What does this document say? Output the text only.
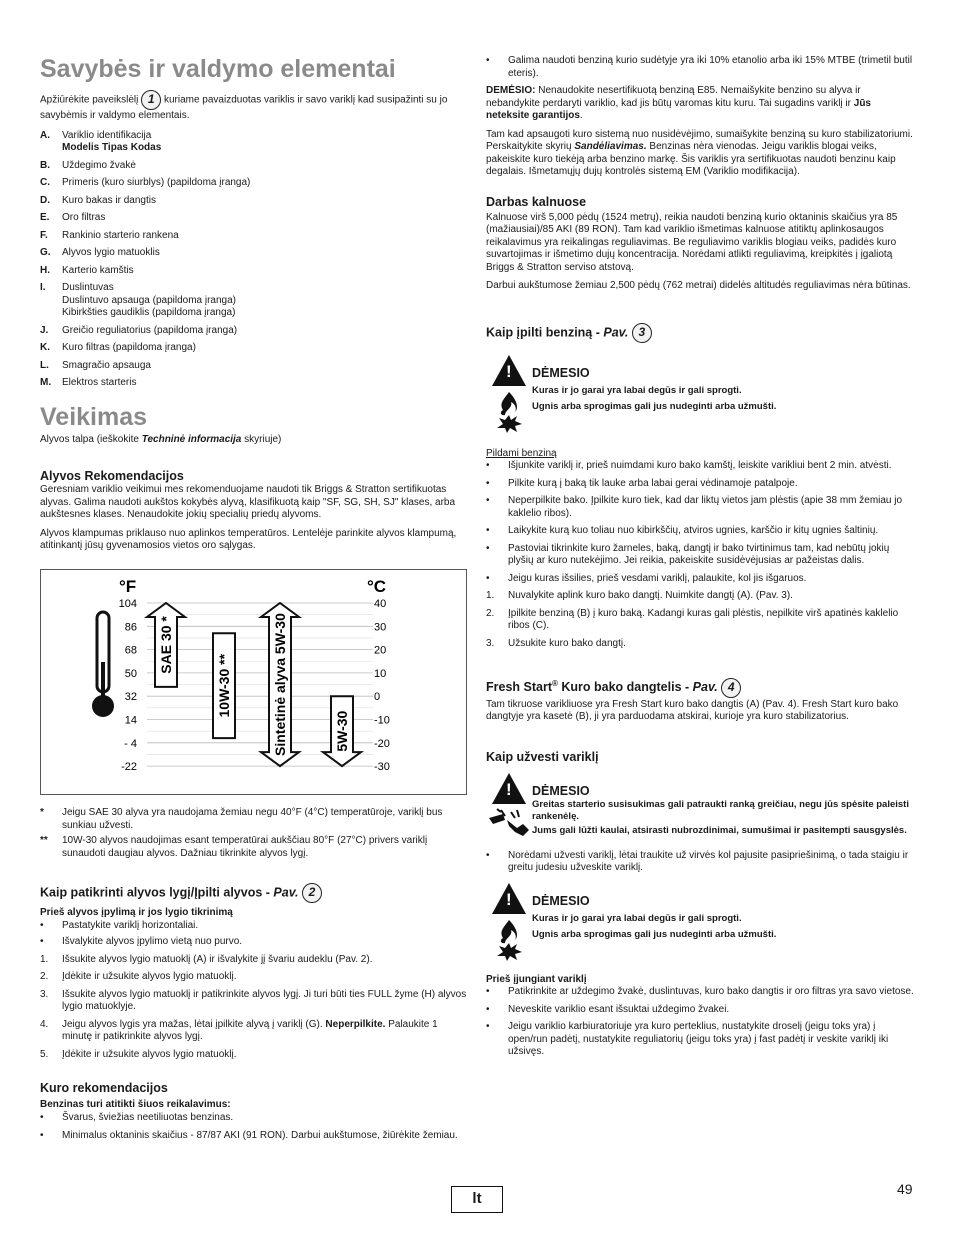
Savybės ir valdymo elementai

Apžiūrėkite paveikslėlį 1 kuriame pavaizduotas variklis ir savo variklį kad susipažinti su jo savybėmis ir valdymo elementais.

A.	Variklio identifikacija
Modelis Tipas Kodas
B.	Uždegimo žvakė
C.	Primeris (kuro siurblys) (papildoma įranga)
D.	Kuro bakas ir dangtis
E.	Oro filtras
F.	Rankinio starterio rankena
G.	Alyvos lygio matuoklis
H.	Karterio kamštis
I.	Duslintuvas
Duslintuvo apsauga (papildoma įranga)
Kibirkšties gaudiklis (papildoma įranga)
J.	Greičio reguliatorius (papildoma įranga)
K.	Kuro filtras (papildoma įranga)
L.	Smagračio apsauga
M.	Elektros starteris
Veikimas

Alyvos talpa (ieškokite Techninė informacija skyriuje)

Alyvos Rekomendacijos

Geresniam variklio veikimui mes rekomenduojame naudoti tik Briggs & Stratton sertifikuotas alyvas. Galima naudoti aukštos kokybės alyvą, klasifikuotą kaip "SF, SG, SH, SJ" klases, arba aukštesnes klases. Nenaudokite jokių specialių priedų alyvoms.

Alyvos klampumas priklauso nuo aplinkos temperatūros. Lentelėje parinkite alyvos klampumą, atitinkantį jūsų gyvenamosios vietos oro sąlygas.

°F	°C
104
86
68
50
32
14
- 4
-22
40
30
20
10
0
-10
-20
-30
SAE 30 *
10W-30 **	Sintetinė alyva 5W-30	5W-30
*	Jeigu SAE 30 alyva yra naudojama žemiau negu 40°F (4°C) temperatūroje, variklį bus sunkiau užvesti.
**	10W-30 alyvos naudojimas esant temperatūrai aukščiau 80°F (27°C) privers variklį sunaudoti daugiau alyvos. Dažniau tikrinkite alyvos lygį.
Kaip patikrinti alyvos lygį/Įpilti alyvos - Pav. 2
Prieš alyvos įpylimą ir jos lygio tikrinimą
•	Pastatykite variklį horizontaliai.
•	Išvalykite alyvos įpylimo vietą nuo purvo.
1.	Išsukite alyvos lygio matuoklį (A) ir išvalykite jį švariu audeklu (Pav. 2).
2.	Įdėkite ir užsukite alyvos lygio matuoklį.
3.	Išsukite alyvos lygio matuoklį ir patikrinkite alyvos lygį. Ji turi būti ties FULL žyme (H) alyvos lygio matuoklyje.
4.	Jeigu alyvos lygis yra mažas, lėtai įpilkite alyvą į variklį (G). Neperpilkite. Palaukite 1 minutę ir patikrinkite alyvos lygį.
5.	Įdėkite ir užsukite alyvos lygio matuoklį.
Kuro rekomendacijos
Benzinas turi atitikti šiuos reikalavimus:
•	Švarus, šviežias neetiliuotas benzinas.
•	Minimalus oktaninis skaičius - 87/87 AKI (91 RON). Darbui aukštumose, žiūrėkite žemiau.
•	Galima naudoti benziną kurio sudėtyje yra iki 10% etanolio arba iki 15% MTBE (trimetil butil eteris).

DEMĖSIO: Nenaudokite nesertifikuotą benziną E85. Nemaišykite benzino su alyva ir nebandykite perdaryti variklio, kad jis būtų varomas kitu kuru. Tai sugadins variklį ir Jūs neteksite garantijos.

Tam kad apsaugoti kuro sistemą nuo nusidėvėjimo, sumaišykite benziną su kuro stabilizatoriumi. Perskaitykite skyrių Sandėliavimas. Benzinas nėra vienodas. Jeigu variklis blogai veiks, pakeiskite kuro tiekėją arba benzino markę. Šis variklis yra sertifikuotas naudoti benzinu kaip degalais. Išmetamųjų dujų kontrolės sistemą EM (Variklio modifikacija).

Darbas kalnuose

Kalnuose virš 5,000 pėdų (1524 metrų), reikia naudoti benziną kurio oktaninis skaičius yra 85 (mažiausiai)/85 AKI (89 RON). Tam kad variklio išmetimas kalnuose atitiktų aplinkosaugos reikalavimus yra reikalingas reguliavimas. Be reguliavimo variklis blogiau veiks, padidės kuro suvartojimas ir išmetimo dujų koncentracija. Norėdami atlikti reguliavimą, kreipkitės į įgaliotą Briggs & Stratton serviso atstovą.

Darbui aukštumose žemiau 2,500 pėdų (762 metrai) didelės altitudės reguliavimas nėra būtinas.

Kaip įpilti benziną - Pav. 3
! DĖMESIO
Kuras ir jo garai yra labai degūs ir gali sprogti.
Ugnis arba sprogimas gali jus nudeginti arba užmušti.
Pildami benziną
•	Išjunkite variklį ir, prieš nuimdami kuro bako kamštį, leiskite varikliui bent 2 min. atvėsti.
•	Pilkite kurą į baką tik lauke arba labai gerai vėdinamoje patalpoje.
•	Neperpilkite bako. Įpilkite kuro tiek, kad dar liktų vietos jam plėstis (apie 38 mm žemiau jo kaklelio ribos).
•	Laikykite kurą kuo toliau nuo kibirkščių, atviros ugnies, karščio ir kitų ugnies šaltinių.
•	Pastoviai tikrinkite kuro žarneles, baką, dangtį ir bako tvirtinimus tam, kad nebūtų jokių plyšių ar kuro nutekėjimo. Jei reikia, pakeiskite susidėvėjusias ar pažeistas dalis.
•	Jeigu kuras išsilies, prieš vesdami variklį, palaukite, kol jis išgaruos.
1.	Nuvalykite aplink kuro bako dangtį. Nuimkite dangtį (A). (Pav. 3).
2.	Įpilkite benziną (B) į kuro baką. Kadangi kuras gali plėstis, nepilkite virš apatinės kaklelio ribos (C).
3.	Užsukite kuro bako dangtį.
Fresh Start® Kuro bako dangtelis - Pav. 4

Tam tikruose varikliuose yra Fresh Start kuro bako dangtis (A) (Pav. 4). Fresh Start kuro bako dangtyje yra kasetė (B), ji yra parduodama atskirai, kurioje yra kuro stabilizatorius.

Kaip užvesti variklį
! DĖMESIO
Greitas starterio susisukimas gali patraukti ranką greičiau, negu jūs spėsite paleisti rankenėlę.
Jums gali lūžti kaulai, atsirasti nubrozdinimai, sumušimai ir pasitempti sausgyslės.
•	Norėdami užvesti variklį, lėtai traukite už virvės kol pajusite pasipriešinimą, o tada staigiu ir greitu judesiu užveskite variklį.
! DĖMESIO
Kuras ir jo garai yra labai degūs ir gali sprogti.
Ugnis arba sprogimas gali jus nudeginti arba užmušti.
Prieš įjungiant variklį
•	Patikrinkite ar uždegimo žvakė, duslintuvas, kuro bako dangtis ir oro filtras yra savo vietose.
•	Neveskite variklio esant išsuktai uždegimo žvakei.
•	Jeigu variklio karbiuratoriuje yra kuro perteklius, nustatykite droselį (jeigu toks yra) į open/run padėtį, nustatykite reguliatorių (jeigu toks yra) į fast padėtį ir veskite variklį iki užsivęs.
lt
49
